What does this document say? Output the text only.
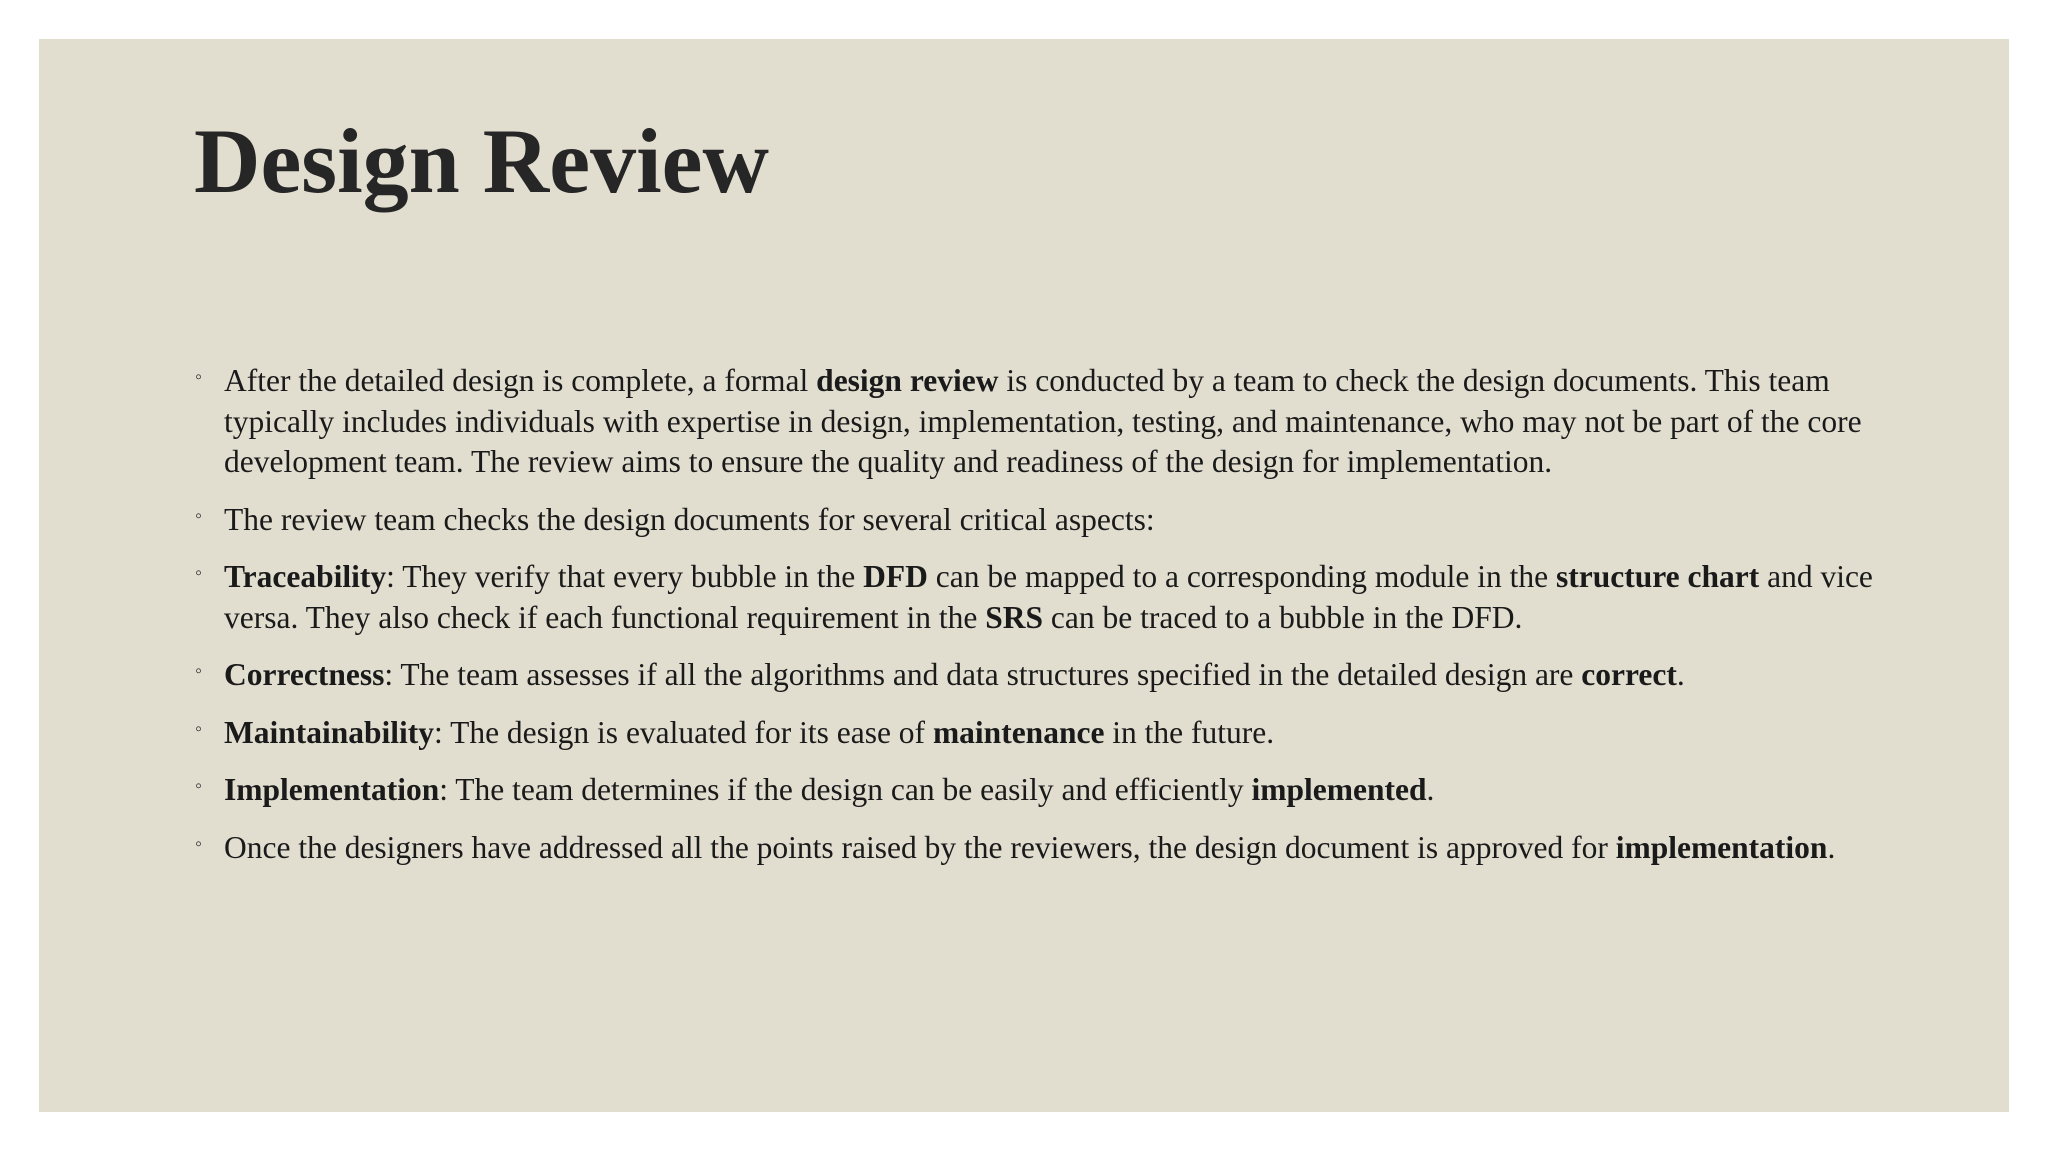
Design Review
◦ After the detailed design is complete, a formal design review is conducted by a team to check the design documents. This team typically includes individuals with expertise in design, implementation, testing, and maintenance, who may not be part of the core development team. The review aims to ensure the quality and readiness of the design for implementation.
◦ The review team checks the design documents for several critical aspects:
◦ Traceability: They verify that every bubble in the DFD can be mapped to a corresponding module in the structure chart and vice versa. They also check if each functional requirement in the SRS can be traced to a bubble in the DFD.
◦ Correctness: The team assesses if all the algorithms and data structures specified in the detailed design are correct.
◦ Maintainability: The design is evaluated for its ease of maintenance in the future.
◦ Implementation: The team determines if the design can be easily and efficiently implemented.
◦ Once the designers have addressed all the points raised by the reviewers, the design document is approved for implementation.
